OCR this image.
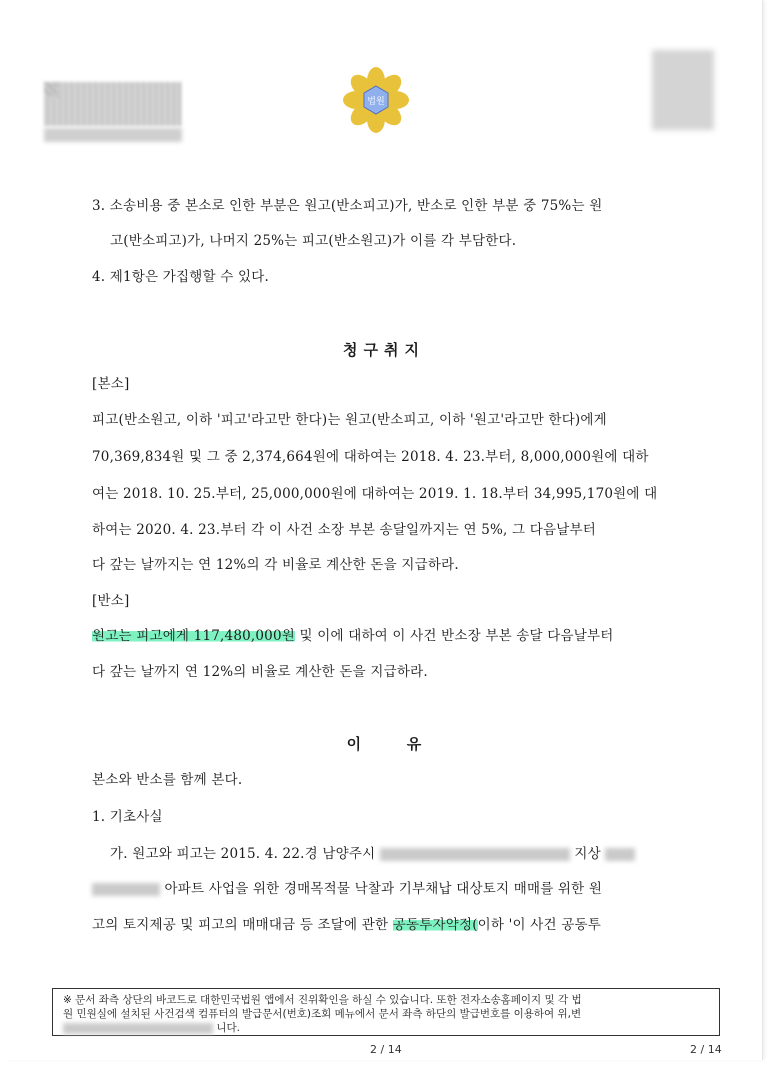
법원
3. 소송비용 중 본소로 인한 부분은 원고(반소피고)가, 반소로 인한 부분 중 75%는 원
고(반소피고)가, 나머지 25%는 피고(반소원고)가 이를 각 부담한다.
4. 제1항은 가집행할 수 있다.
청구취지
[본소]
피고(반소원고, 이하 '피고'라고만 한다)는 원고(반소피고, 이하 '원고'라고만 한다)에게
70,369,834원 및 그 중 2,374,664원에 대하여는 2018. 4. 23.부터, 8,000,000원에 대하
여는 2018. 10. 25.부터, 25,000,000원에 대하여는 2019. 1. 18.부터 34,995,170원에 대
하여는 2020. 4. 23.부터 각 이 사건 소장 부본 송달일까지는 연 5%, 그 다음날부터
다 갚는 날까지는 연 12%의 각 비율로 계산한 돈을 지급하라.
[반소]
원고는 피고에게 117,480,000원 및 이에 대하여 이 사건 반소장 부본 송달 다음날부터
다 갚는 날까지 연 12%의 비율로 계산한 돈을 지급하라.
이 유
본소와 반소를 함께 본다.
1. 기초사실
가. 원고와 피고는 2015. 4. 22.경 남양주시	지상
아파트 사업을 위한 경매목적물 낙찰과 기부채납 대상토지 매매를 위한 원
고의 토지제공 및 피고의 매매대금 등 조달에 관한 공동투자약정(이하 '이 사건 공동투
※ 문서 좌측 상단의 바코드로 대한민국법원 앱에서 진위확인을 하실 수 있습니다. 또한 전자소송홈페이지 및 각 법
원 민원실에 설치된 사건검색 컴퓨터의 발급문서(번호)조회 메뉴에서 문서 좌측 하단의 발급번호를 이용하여 위,변
니다.
2 / 14	2 / 14
